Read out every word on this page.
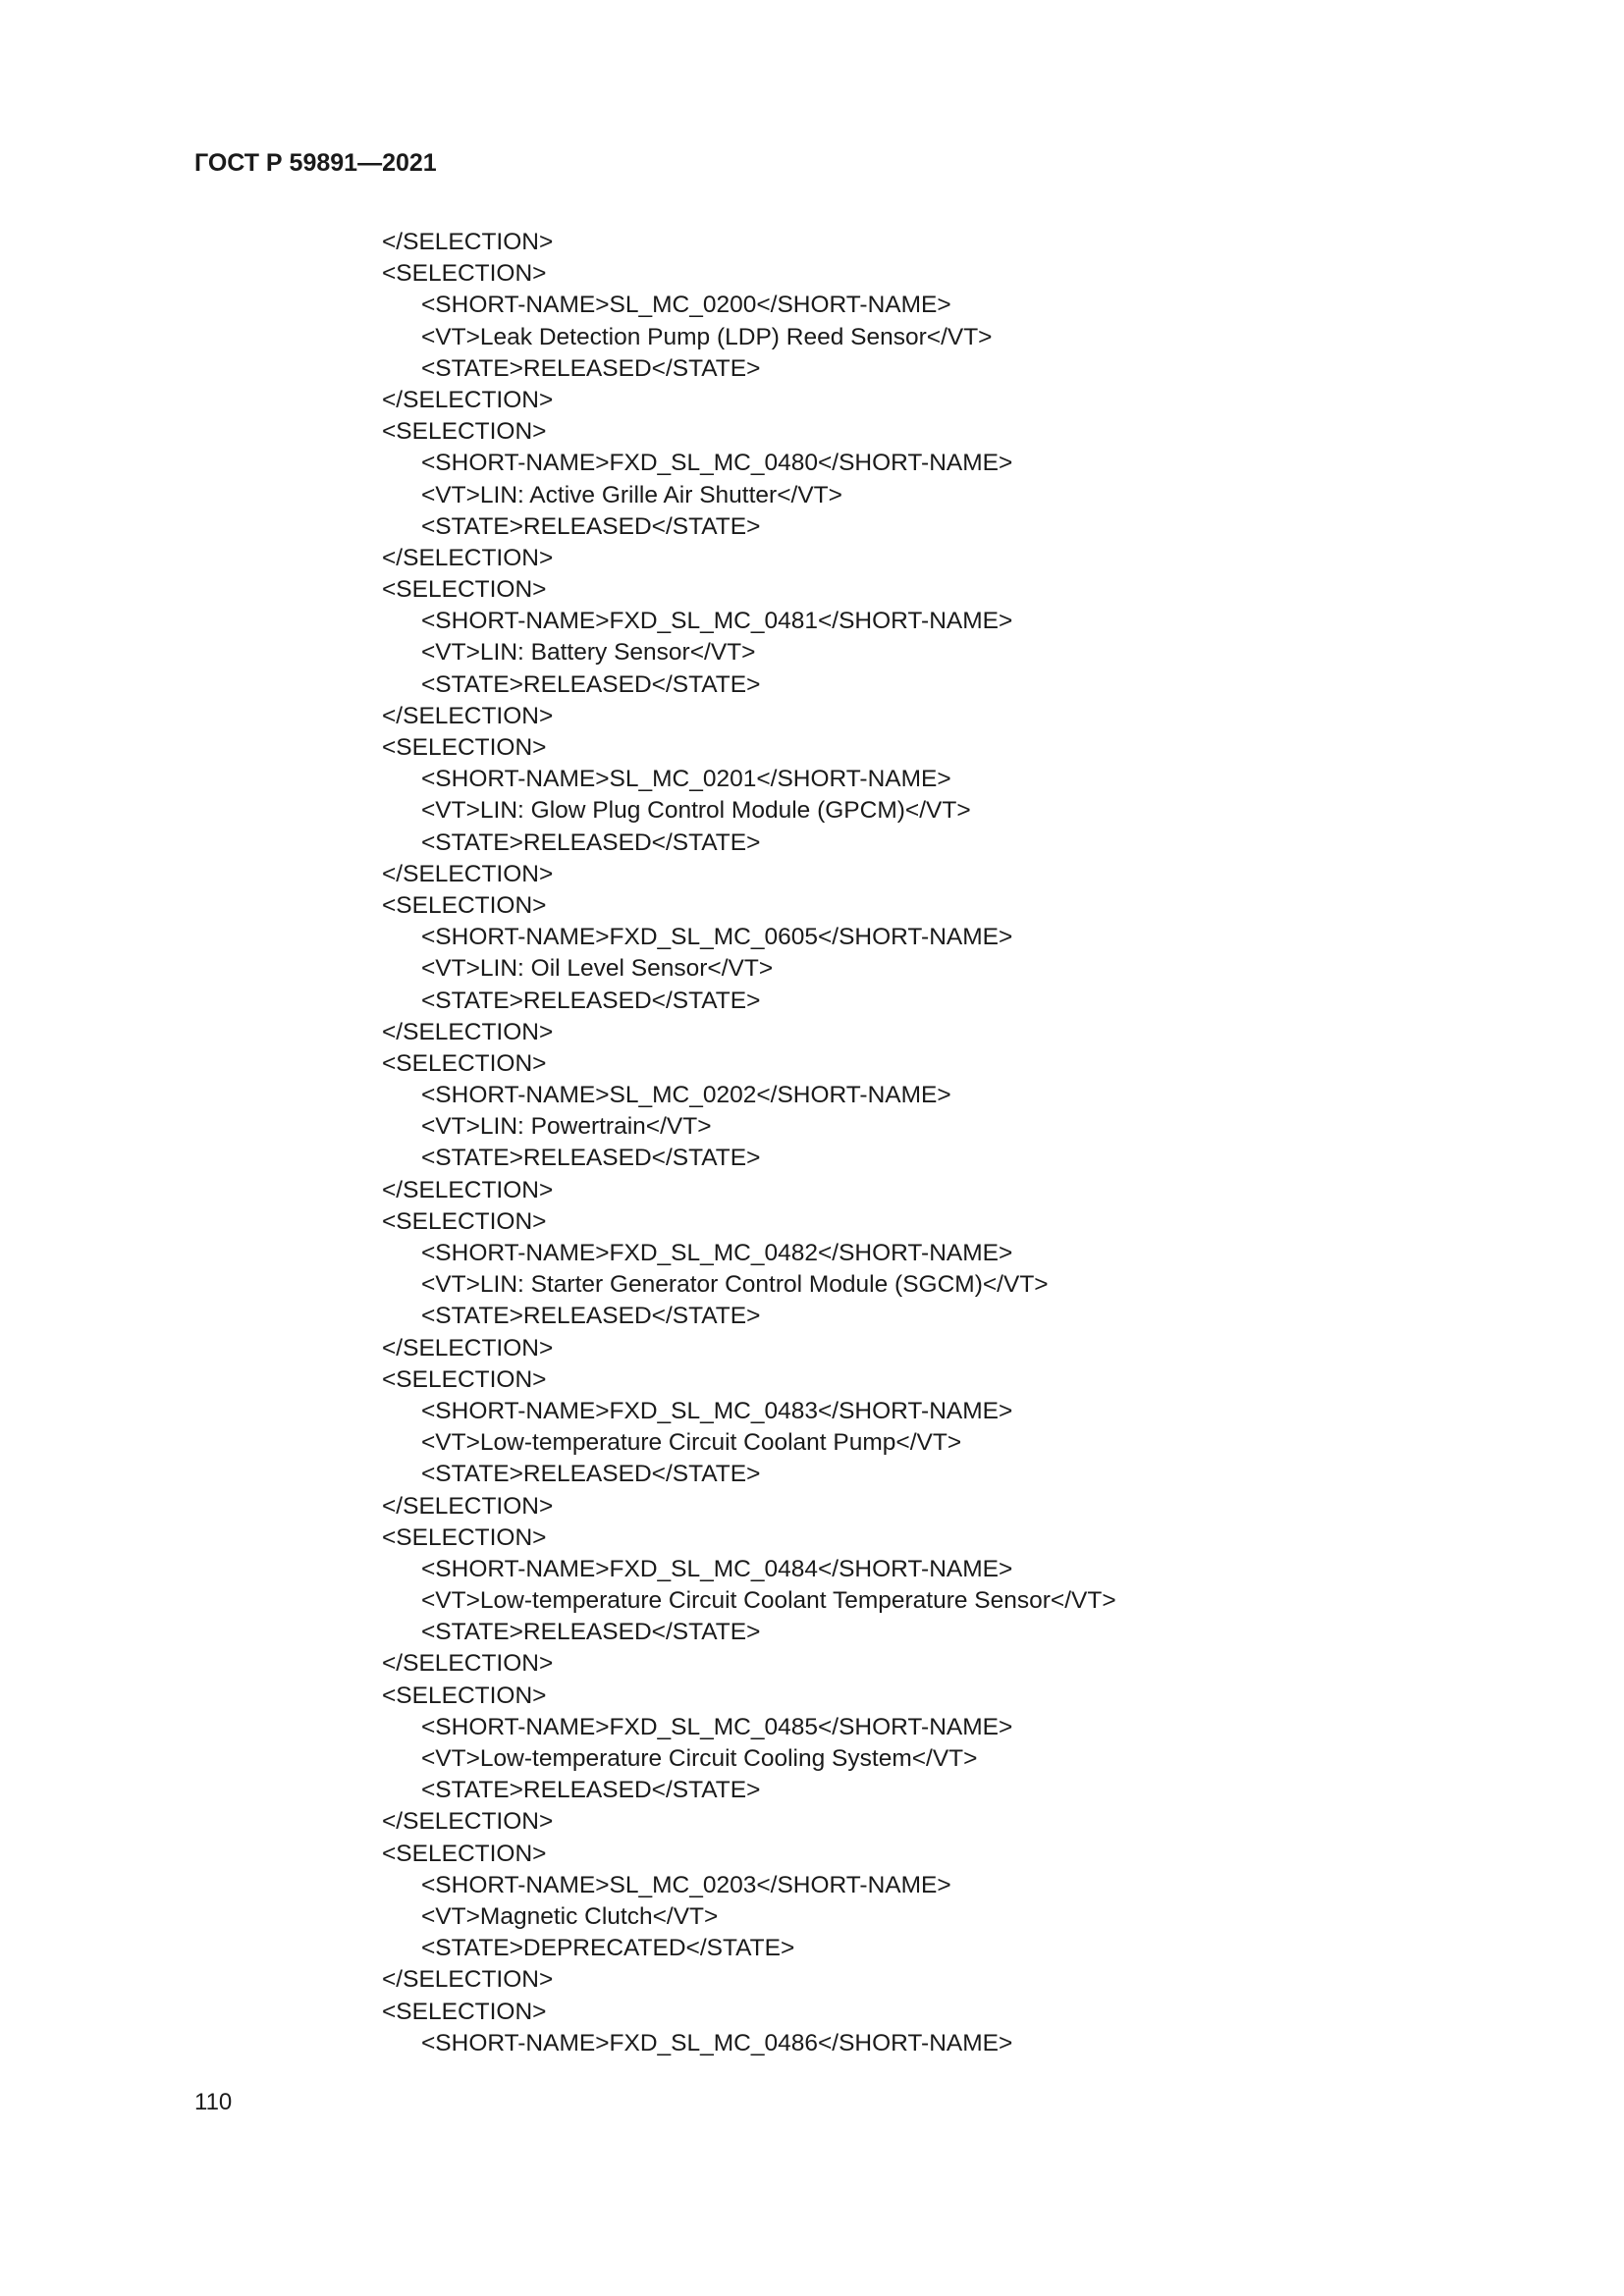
ГОСТ Р 59891—2021
</SELECTION>
<SELECTION>
<SHORT-NAME>SL_MC_0200</SHORT-NAME>
<VT>Leak Detection Pump (LDP) Reed Sensor</VT>
<STATE>RELEASED</STATE>
</SELECTION>
<SELECTION>
<SHORT-NAME>FXD_SL_MC_0480</SHORT-NAME>
<VT>LIN: Active Grille Air Shutter</VT>
<STATE>RELEASED</STATE>
</SELECTION>
<SELECTION>
<SHORT-NAME>FXD_SL_MC_0481</SHORT-NAME>
<VT>LIN: Battery Sensor</VT>
<STATE>RELEASED</STATE>
</SELECTION>
<SELECTION>
<SHORT-NAME>SL_MC_0201</SHORT-NAME>
<VT>LIN: Glow Plug Control Module (GPCM)</VT>
<STATE>RELEASED</STATE>
</SELECTION>
<SELECTION>
<SHORT-NAME>FXD_SL_MC_0605</SHORT-NAME>
<VT>LIN: Oil Level Sensor</VT>
<STATE>RELEASED</STATE>
</SELECTION>
<SELECTION>
<SHORT-NAME>SL_MC_0202</SHORT-NAME>
<VT>LIN: Powertrain</VT>
<STATE>RELEASED</STATE>
</SELECTION>
<SELECTION>
<SHORT-NAME>FXD_SL_MC_0482</SHORT-NAME>
<VT>LIN: Starter Generator Control Module (SGCM)</VT>
<STATE>RELEASED</STATE>
</SELECTION>
<SELECTION>
<SHORT-NAME>FXD_SL_MC_0483</SHORT-NAME>
<VT>Low-temperature Circuit Coolant Pump</VT>
<STATE>RELEASED</STATE>
</SELECTION>
<SELECTION>
<SHORT-NAME>FXD_SL_MC_0484</SHORT-NAME>
<VT>Low-temperature Circuit Coolant Temperature Sensor</VT>
<STATE>RELEASED</STATE>
</SELECTION>
<SELECTION>
<SHORT-NAME>FXD_SL_MC_0485</SHORT-NAME>
<VT>Low-temperature Circuit Cooling System</VT>
<STATE>RELEASED</STATE>
</SELECTION>
<SELECTION>
<SHORT-NAME>SL_MC_0203</SHORT-NAME>
<VT>Magnetic Clutch</VT>
<STATE>DEPRECATED</STATE>
</SELECTION>
<SELECTION>
<SHORT-NAME>FXD_SL_MC_0486</SHORT-NAME>
110
